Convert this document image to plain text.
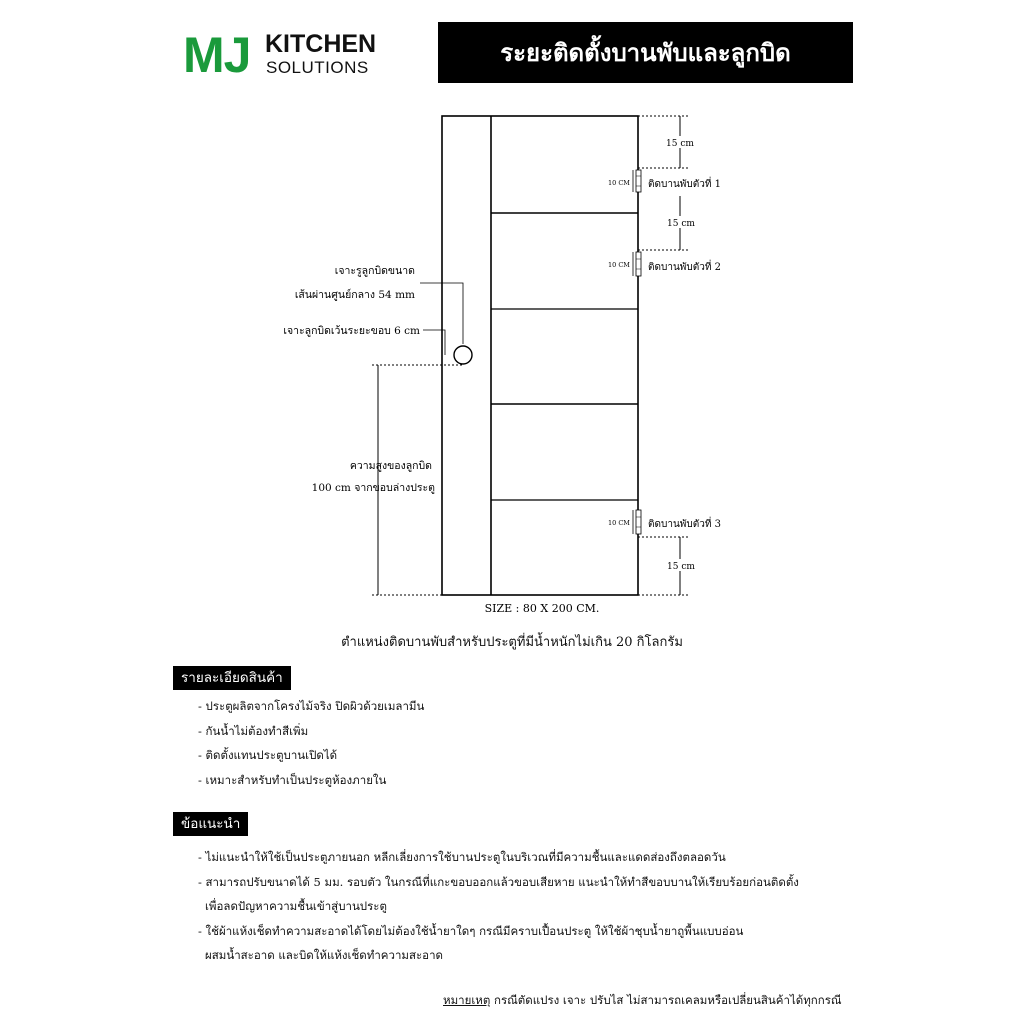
MJ KITCHEN
SOLUTIONS
ระยะติดตั้งบานพับและลูกบิด
15 cm
10 CM ติดบานพับตัวที่ 1
15 cm
10 CM ติดบานพับตัวที่ 2
10 CM ติดบานพับตัวที่ 3
15 cm
เจาะรูลูกบิดขนาด
เส้นผ่านศูนย์กลาง 54 mm
เจาะลูกบิดเว้นระยะขอบ 6 cm
ความสูงของลูกบิด
100 cm จากขอบล่างประตู
SIZE : 80 X 200 CM.
ตำแหน่งติดบานพับสำหรับประตูที่มีน้ำหนักไม่เกิน 20 กิโลกรัม
รายละเอียดสินค้า
- ประตูผลิตจากโครงไม้จริง ปิดผิวด้วยเมลามีน
- กันน้ำไม่ต้องทำสีเพิ่ม
- ติดตั้งแทนประตูบานเปิดได้
- เหมาะสำหรับทำเป็นประตูห้องภายใน
ข้อแนะนำ
- ไม่แนะนำให้ใช้เป็นประตูภายนอก หลีกเลี่ยงการใช้บานประตูในบริเวณที่มีความชื้นและแดดส่องถึงตลอดวัน
- สามารถปรับขนาดได้ 5 มม. รอบตัว ในกรณีที่แกะขอบออกแล้วขอบเสียหาย แนะนำให้ทำสีขอบบานให้เรียบร้อยก่อนติดตั้ง
เพื่อลดปัญหาความชื้นเข้าสู่บานประตู
- ใช้ผ้าแห้งเช็ดทำความสะอาดได้โดยไม่ต้องใช้น้ำยาใดๆ กรณีมีคราบเปื้อนประตู ให้ใช้ผ้าชุบน้ำยาถูพื้นแบบอ่อน
ผสมน้ำสะอาด และบิดให้แห้งเช็ดทำความสะอาด
หมายเหตุ กรณีตัดแปรง เจาะ ปรับไส ไม่สามารถเคลมหรือเปลี่ยนสินค้าได้ทุกกรณี
